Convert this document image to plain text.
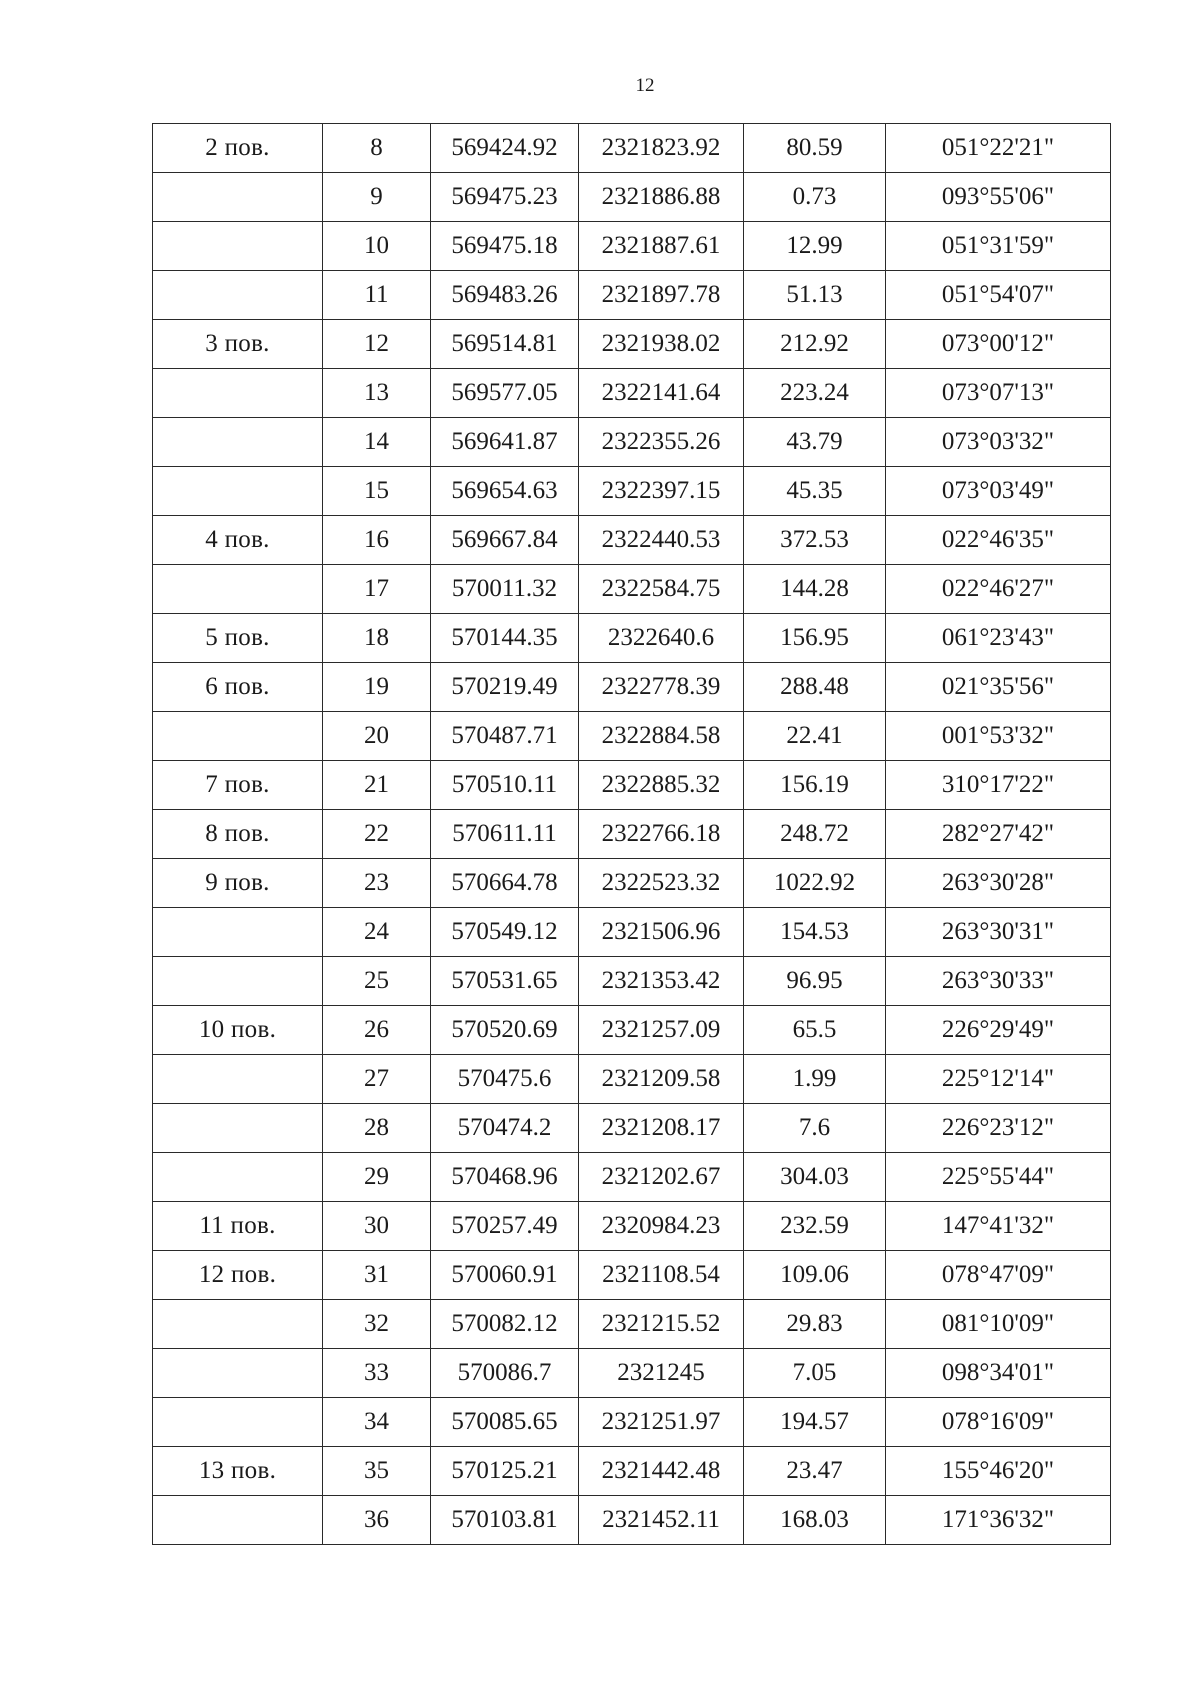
12
2 пов.	8	569424.92	2321823.92	80.59	051°22'21"
	9	569475.23	2321886.88	0.73	093°55'06"
	10	569475.18	2321887.61	12.99	051°31'59"
	11	569483.26	2321897.78	51.13	051°54'07"
3 пов.	12	569514.81	2321938.02	212.92	073°00'12"
	13	569577.05	2322141.64	223.24	073°07'13"
	14	569641.87	2322355.26	43.79	073°03'32"
	15	569654.63	2322397.15	45.35	073°03'49"
4 пов.	16	569667.84	2322440.53	372.53	022°46'35"
	17	570011.32	2322584.75	144.28	022°46'27"
5 пов.	18	570144.35	2322640.6	156.95	061°23'43"
6 пов.	19	570219.49	2322778.39	288.48	021°35'56"
	20	570487.71	2322884.58	22.41	001°53'32"
7 пов.	21	570510.11	2322885.32	156.19	310°17'22"
8 пов.	22	570611.11	2322766.18	248.72	282°27'42"
9 пов.	23	570664.78	2322523.32	1022.92	263°30'28"
	24	570549.12	2321506.96	154.53	263°30'31"
	25	570531.65	2321353.42	96.95	263°30'33"
10 пов.	26	570520.69	2321257.09	65.5	226°29'49"
	27	570475.6	2321209.58	1.99	225°12'14"
	28	570474.2	2321208.17	7.6	226°23'12"
	29	570468.96	2321202.67	304.03	225°55'44"
11 пов.	30	570257.49	2320984.23	232.59	147°41'32"
12 пов.	31	570060.91	2321108.54	109.06	078°47'09"
	32	570082.12	2321215.52	29.83	081°10'09"
	33	570086.7	2321245	7.05	098°34'01"
	34	570085.65	2321251.97	194.57	078°16'09"
13 пов.	35	570125.21	2321442.48	23.47	155°46'20"
	36	570103.81	2321452.11	168.03	171°36'32"
